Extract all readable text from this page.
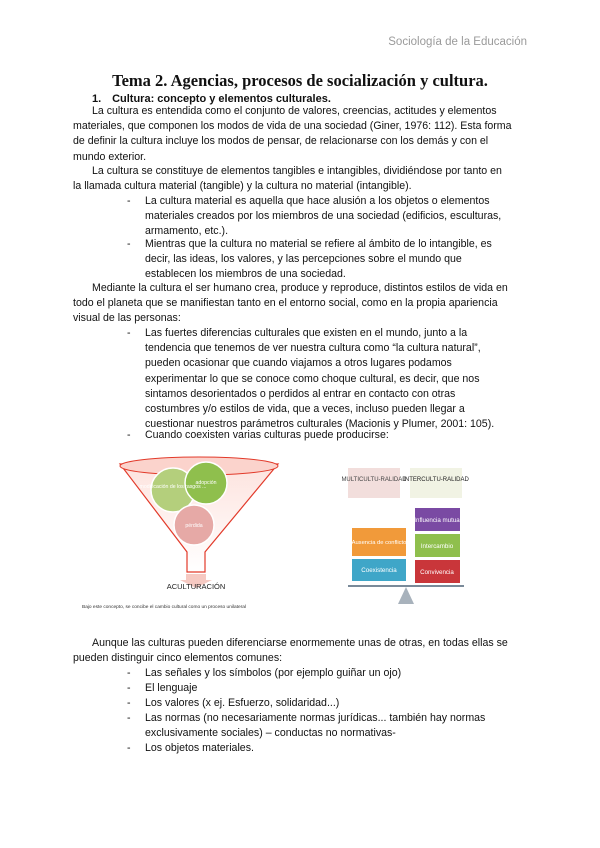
Sociología de la Educación
Tema 2. Agencias, procesos de socialización y cultura.
1. Cultura: concepto y elementos culturales.
La cultura es entendida como el conjunto de valores, creencias, actitudes y elementos materiales, que componen los modos de vida de una sociedad (Giner, 1976: 112). Esta forma de definir la cultura incluye los modos de pensar, de relacionarse con los demás y con el mundo exterior.
La cultura se constituye de elementos tangibles e intangibles, dividiéndose por tanto en la llamada cultura material (tangible) y la cultura no material (intangible).
- La cultura material es aquella que hace alusión a los objetos o elementos materiales creados por los miembros de una sociedad (edificios, esculturas, armamento, etc.).
- Mientras que la cultura no material se refiere al ámbito de lo intangible, es decir, las ideas, los valores, y las percepciones sobre el mundo que establecen los miembros de una sociedad.
Mediante la cultura el ser humano crea, produce y reproduce, distintos estilos de vida en todo el planeta que se manifiestan tanto en el entorno social, como en la propia apariencia visual de las personas:
- Las fuertes diferencias culturales que existen en el mundo, junto a la tendencia que tenemos de ver nuestra cultura como “la cultura natural”, pueden ocasionar que cuando viajamos a otros lugares podamos experimentar lo que se conoce como choque cultural, es decir, que nos sintamos desorientados o perdidos al entrar en contacto con otras costumbres y/o estilos de vida, que a veces, incluso pueden llegar a cuestionar nuestros parámetros culturales (Macionis y Plumer, 2001: 105).
- Cuando coexisten varias culturas puede producirse:
modificación de los rasgos ...
adopción
pérdida
ACULTURACIÓN
Bajo este concepto, se concibe el cambio cultural como un proceso unilateral
MULTICULTU-RALIDAD
INTERCULTU-RALIDAD
Influencia mutua
Intercambio
Convivencia
Ausencia de conflicto
Coexistencia
Aunque las culturas pueden diferenciarse enormemente unas de otras, en todas ellas se pueden distinguir cinco elementos comunes:
- Las señales y los símbolos (por ejemplo guiñar un ojo)
- El lenguaje
- Los valores (x ej. Esfuerzo, solidaridad...)
- Las normas (no necesariamente normas jurídicas... también hay normas exclusivamente sociales) – conductas no normativas-
- Los objetos materiales.
